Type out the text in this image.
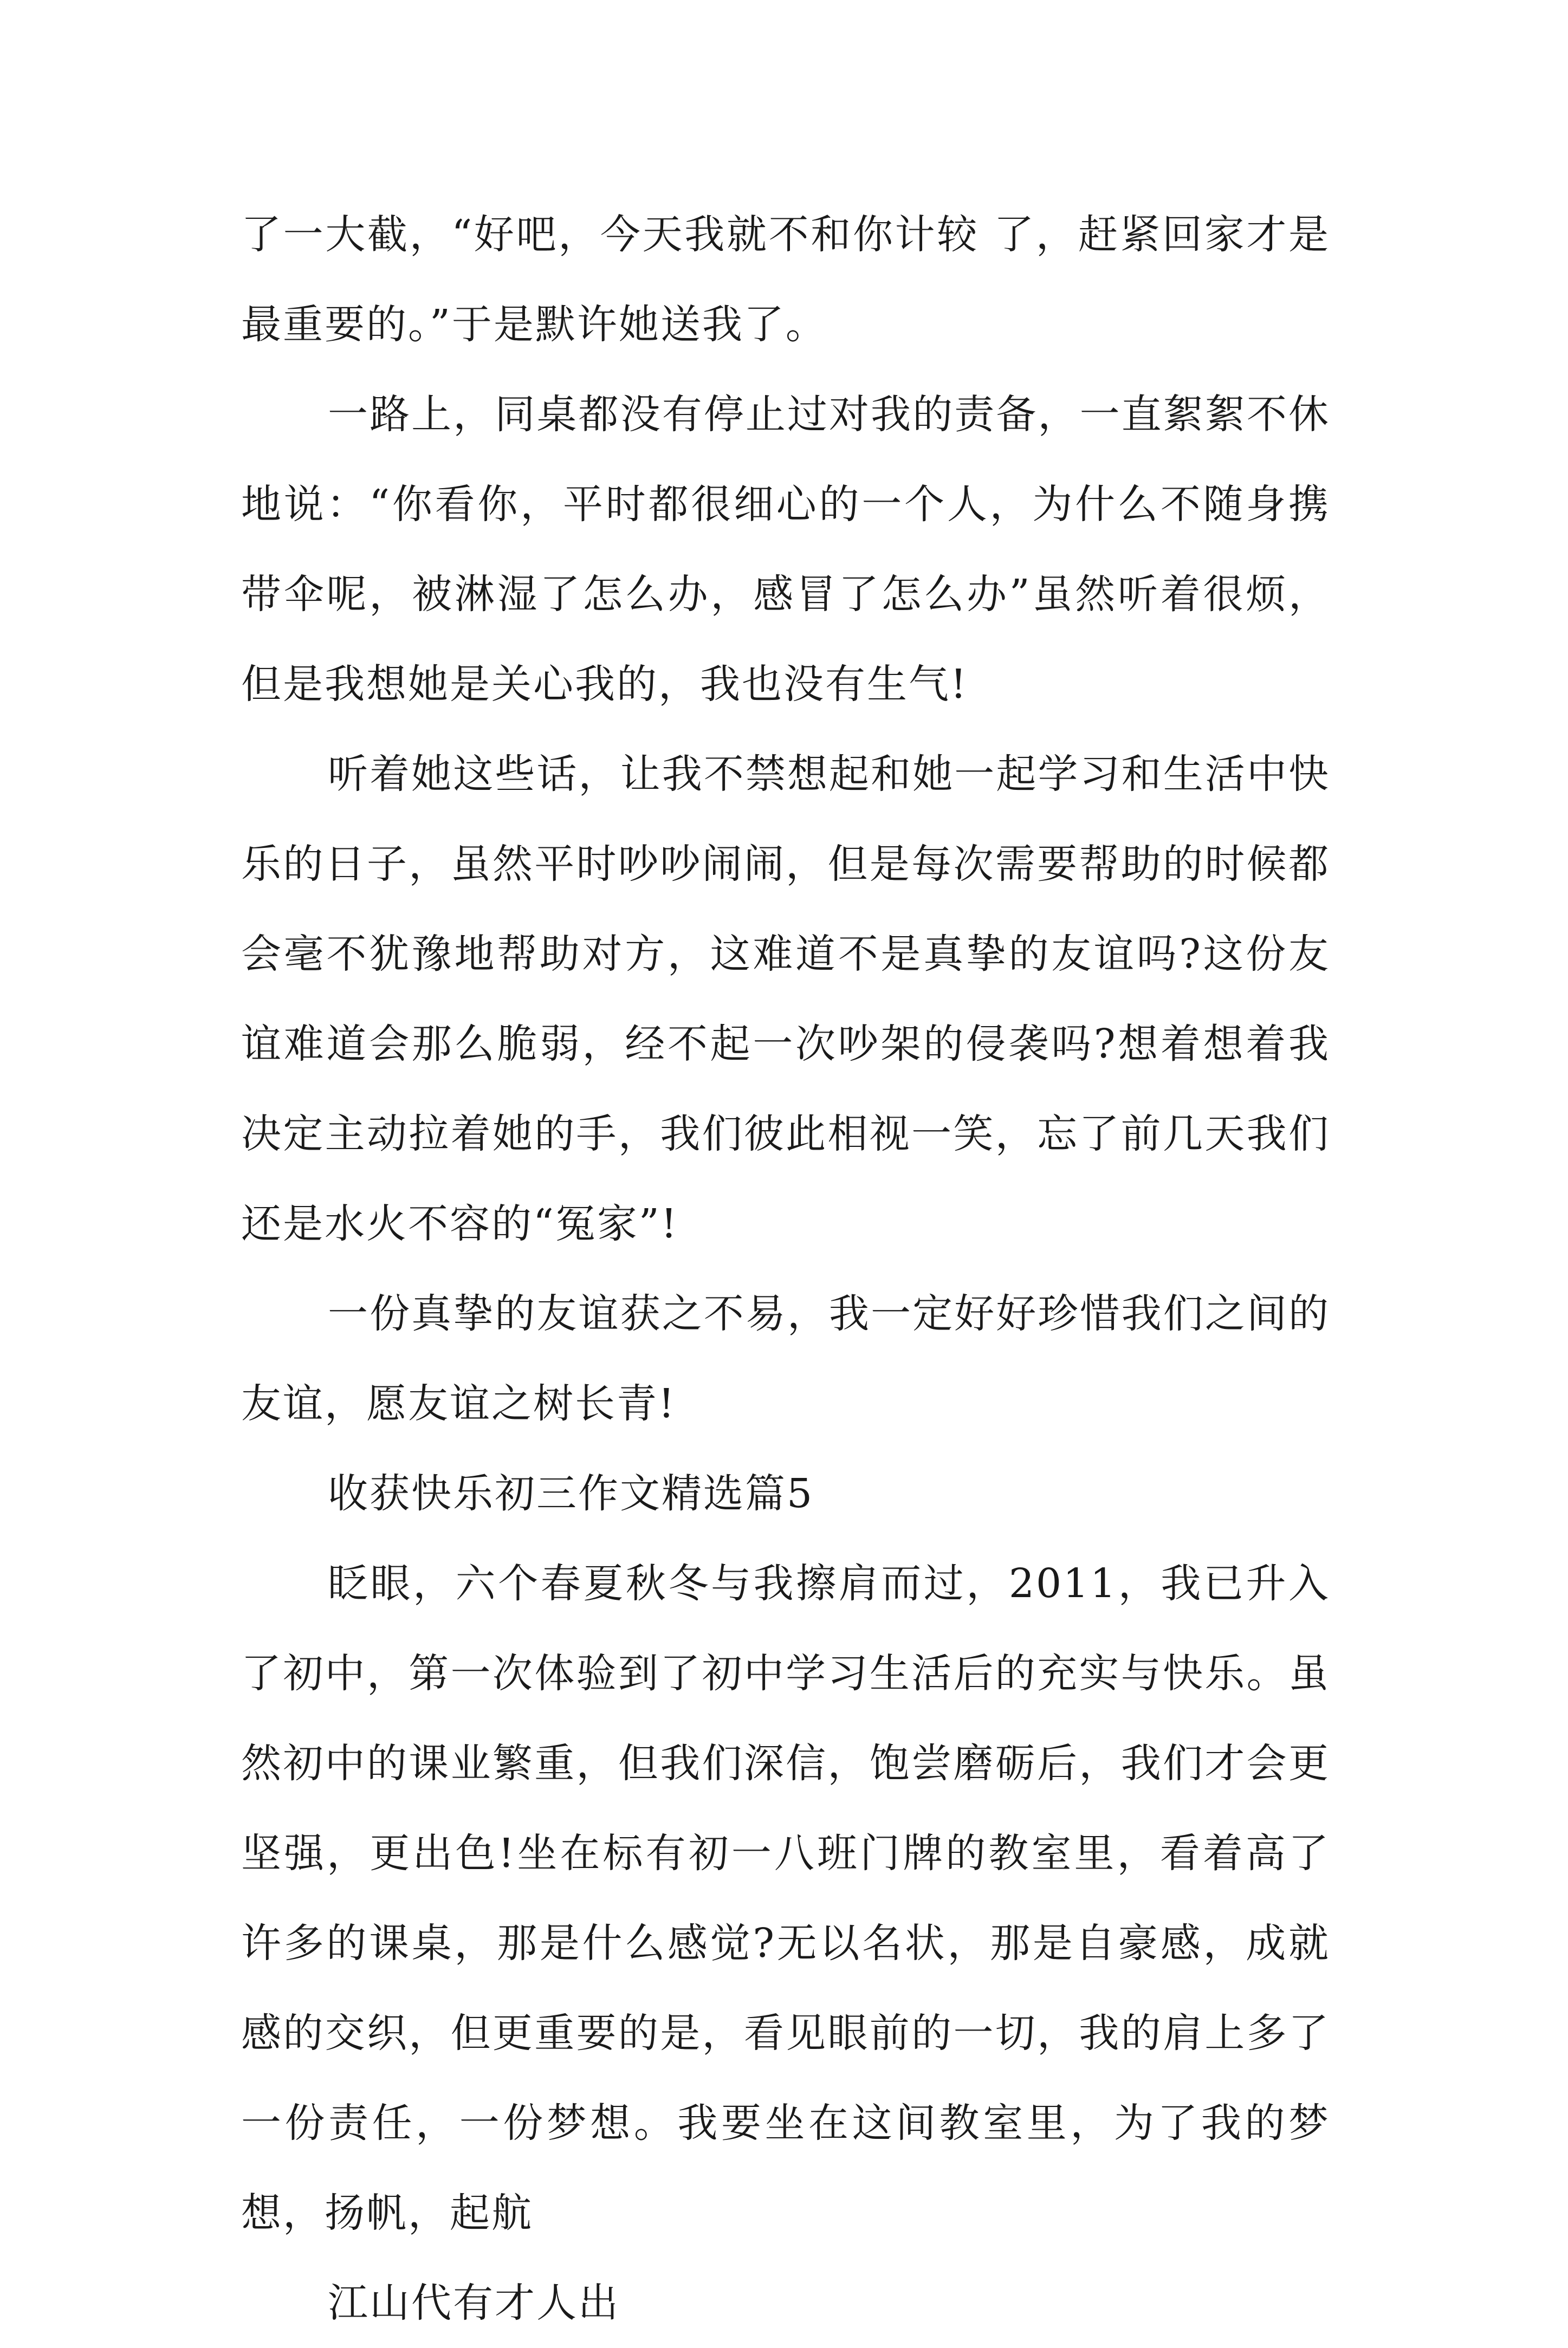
了一大截，“好吧，今天我就不和你计较 了，赶紧回家才是最重要的。”于是默许她送我了。

一路上，同桌都没有停止过对我的责备，一直絮絮不休地说：“你看你，平时都很细心的一个人，为什么不随身携带伞呢，被淋湿了怎么办，感冒了怎么办”虽然听着很烦，但是我想她是关心我的，我也没有生气!

听着她这些话，让我不禁想起和她一起学习和生活中快乐的日子，虽然平时吵吵闹闹，但是每次需要帮助的时候都会毫不犹豫地帮助对方，这难道不是真挚的友谊吗?这份友谊难道会那么脆弱，经不起一次吵架的侵袭吗?想着想着我决定主动拉着她的手，我们彼此相视一笑，忘了前几天我们还是水火不容的“冤家”!

一份真挚的友谊获之不易，我一定好好珍惜我们之间的友谊，愿友谊之树长青!

收获快乐初三作文精选篇5

眨眼，六个春夏秋冬与我擦肩而过，2011，我已升入了初中，第一次体验到了初中学习生活后的充实与快乐。虽然初中的课业繁重，但我们深信，饱尝磨砺后，我们才会更坚强，更出色!坐在标有初一八班门牌的教室里，看着高了许多的课桌，那是什么感觉?无以名状，那是自豪感，成就感的交织，但更重要的是，看见眼前的一切，我的肩上多了一份责任，一份梦想。我要坐在这间教室里，为了我的梦想，扬帆，起航

江山代有才人出
